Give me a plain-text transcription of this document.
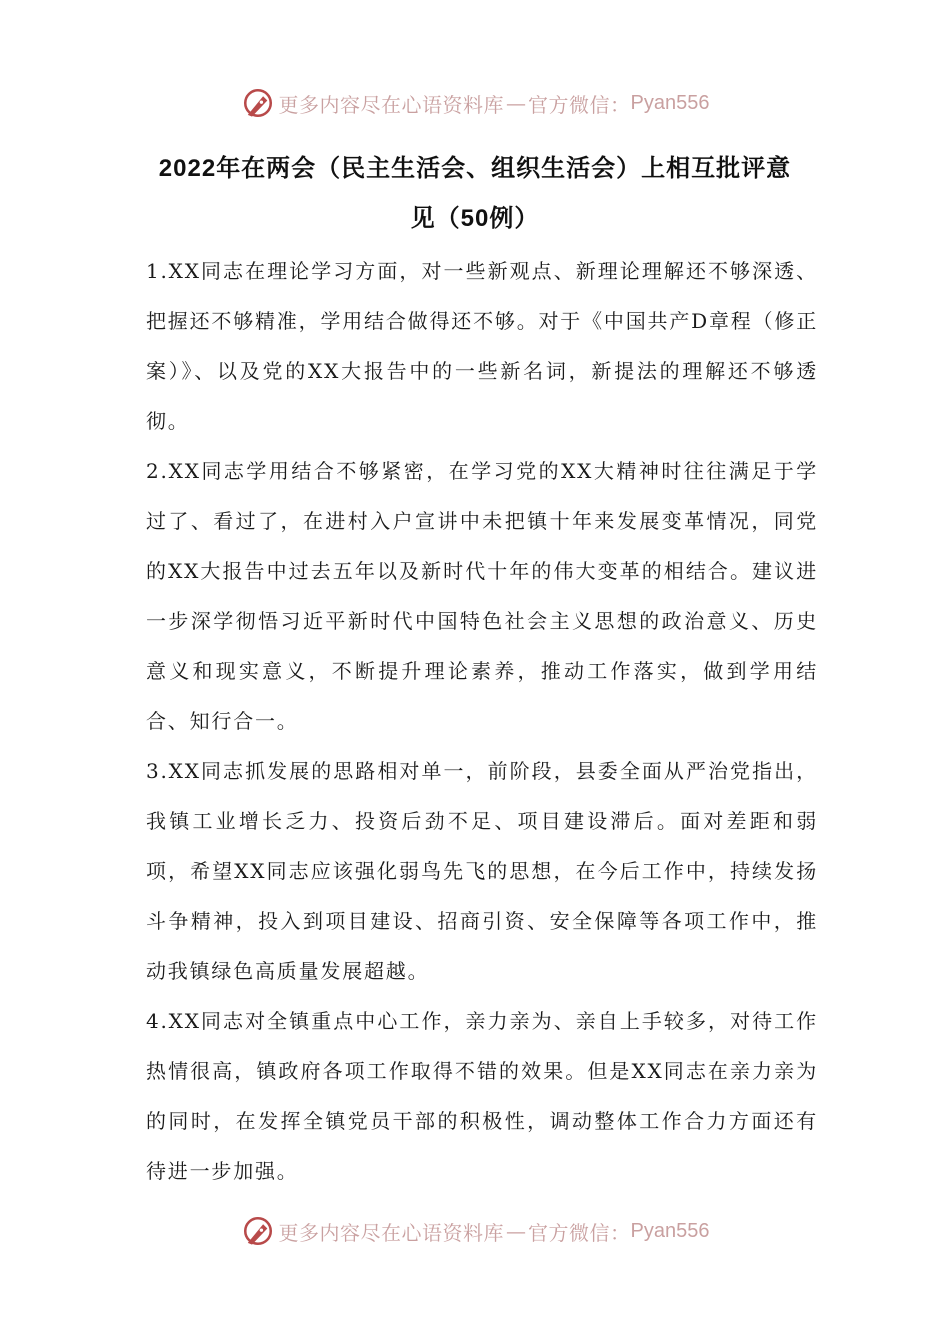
更多内容尽在心语资料库 — 官方微信： Pyan556
2022年在两会（民主生活会、组织生活会）上相互批评意
见（50例）

1.XX同志在理论学习方面，对一些新观点、新理论理解还不够深透、把握还不够精准，学用结合做得还不够。对于《中国共产D章程（修正案）》、以及党的XX大报告中的一些新名词，新提法的理解还不够透彻。

2.XX同志学用结合不够紧密，在学习党的XX大精神时往往满足于学过了、看过了，在进村入户宣讲中未把镇十年来发展变革情况，同党的XX大报告中过去五年以及新时代十年的伟大变革的相结合。建议进一步深学彻悟习近平新时代中国特色社会主义思想的政治意义、历史意义和现实意义，不断提升理论素养，推动工作落实，做到学用结合、知行合一。

3.XX同志抓发展的思路相对单一，前阶段，县委全面从严治党指出，我镇工业增长乏力、投资后劲不足、项目建设滞后。面对差距和弱项，希望XX同志应该强化弱鸟先飞的思想，在今后工作中，持续发扬斗争精神，投入到项目建设、招商引资、安全保障等各项工作中，推动我镇绿色高质量发展超越。

4.XX同志对全镇重点中心工作，亲力亲为、亲自上手较多，对待工作热情很高，镇政府各项工作取得不错的效果。但是XX同志在亲力亲为的同时，在发挥全镇党员干部的积极性，调动整体工作合力方面还有待进一步加强。

更多内容尽在心语资料库 — 官方微信： Pyan556
